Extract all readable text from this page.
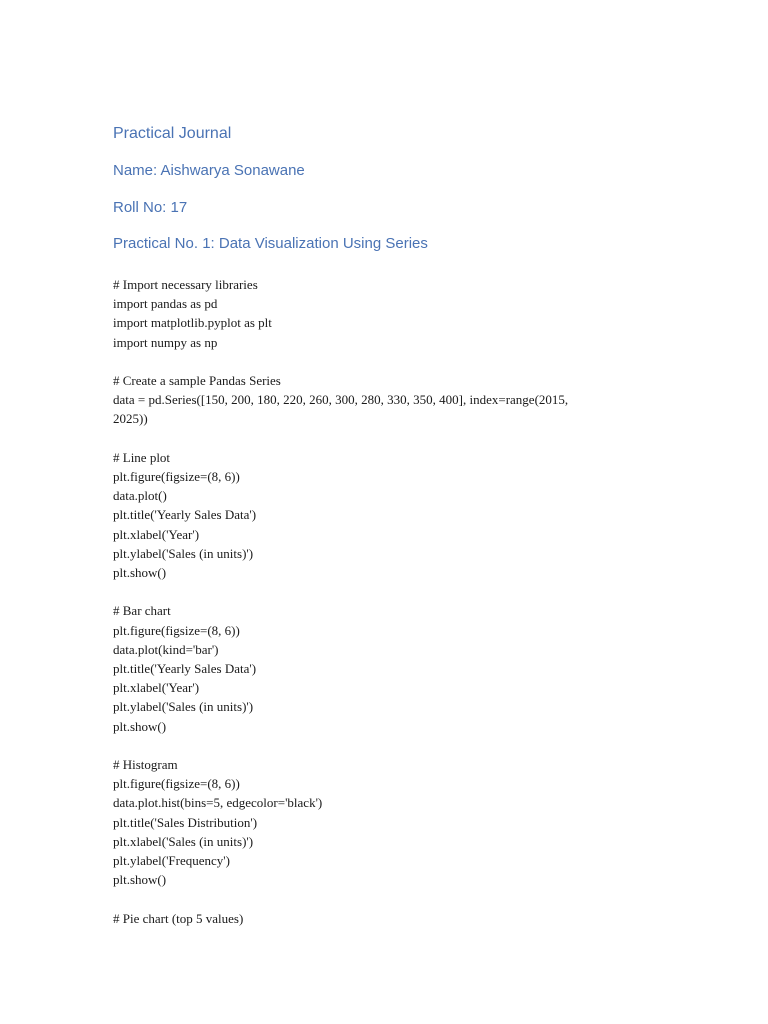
Practical Journal

Name: Aishwarya Sonawane

Roll No: 17

Practical No. 1: Data Visualization Using Series

# Import necessary libraries

import pandas as pd

import matplotlib.pyplot as plt

import numpy as np

# Create a sample Pandas Series

data = pd.Series([150, 200, 180, 220, 260, 300, 280, 330, 350, 400], index=range(2015,

2025))

# Line plot

plt.figure(figsize=(8, 6))

data.plot()

plt.title('Yearly Sales Data')

plt.xlabel('Year')

plt.ylabel('Sales (in units)')

plt.show()

# Bar chart

plt.figure(figsize=(8, 6))

data.plot(kind='bar')

plt.title('Yearly Sales Data')

plt.xlabel('Year')

plt.ylabel('Sales (in units)')

plt.show()

# Histogram

plt.figure(figsize=(8, 6))

data.plot.hist(bins=5, edgecolor='black')

plt.title('Sales Distribution')

plt.xlabel('Sales (in units)')

plt.ylabel('Frequency')

plt.show()

# Pie chart (top 5 values)
